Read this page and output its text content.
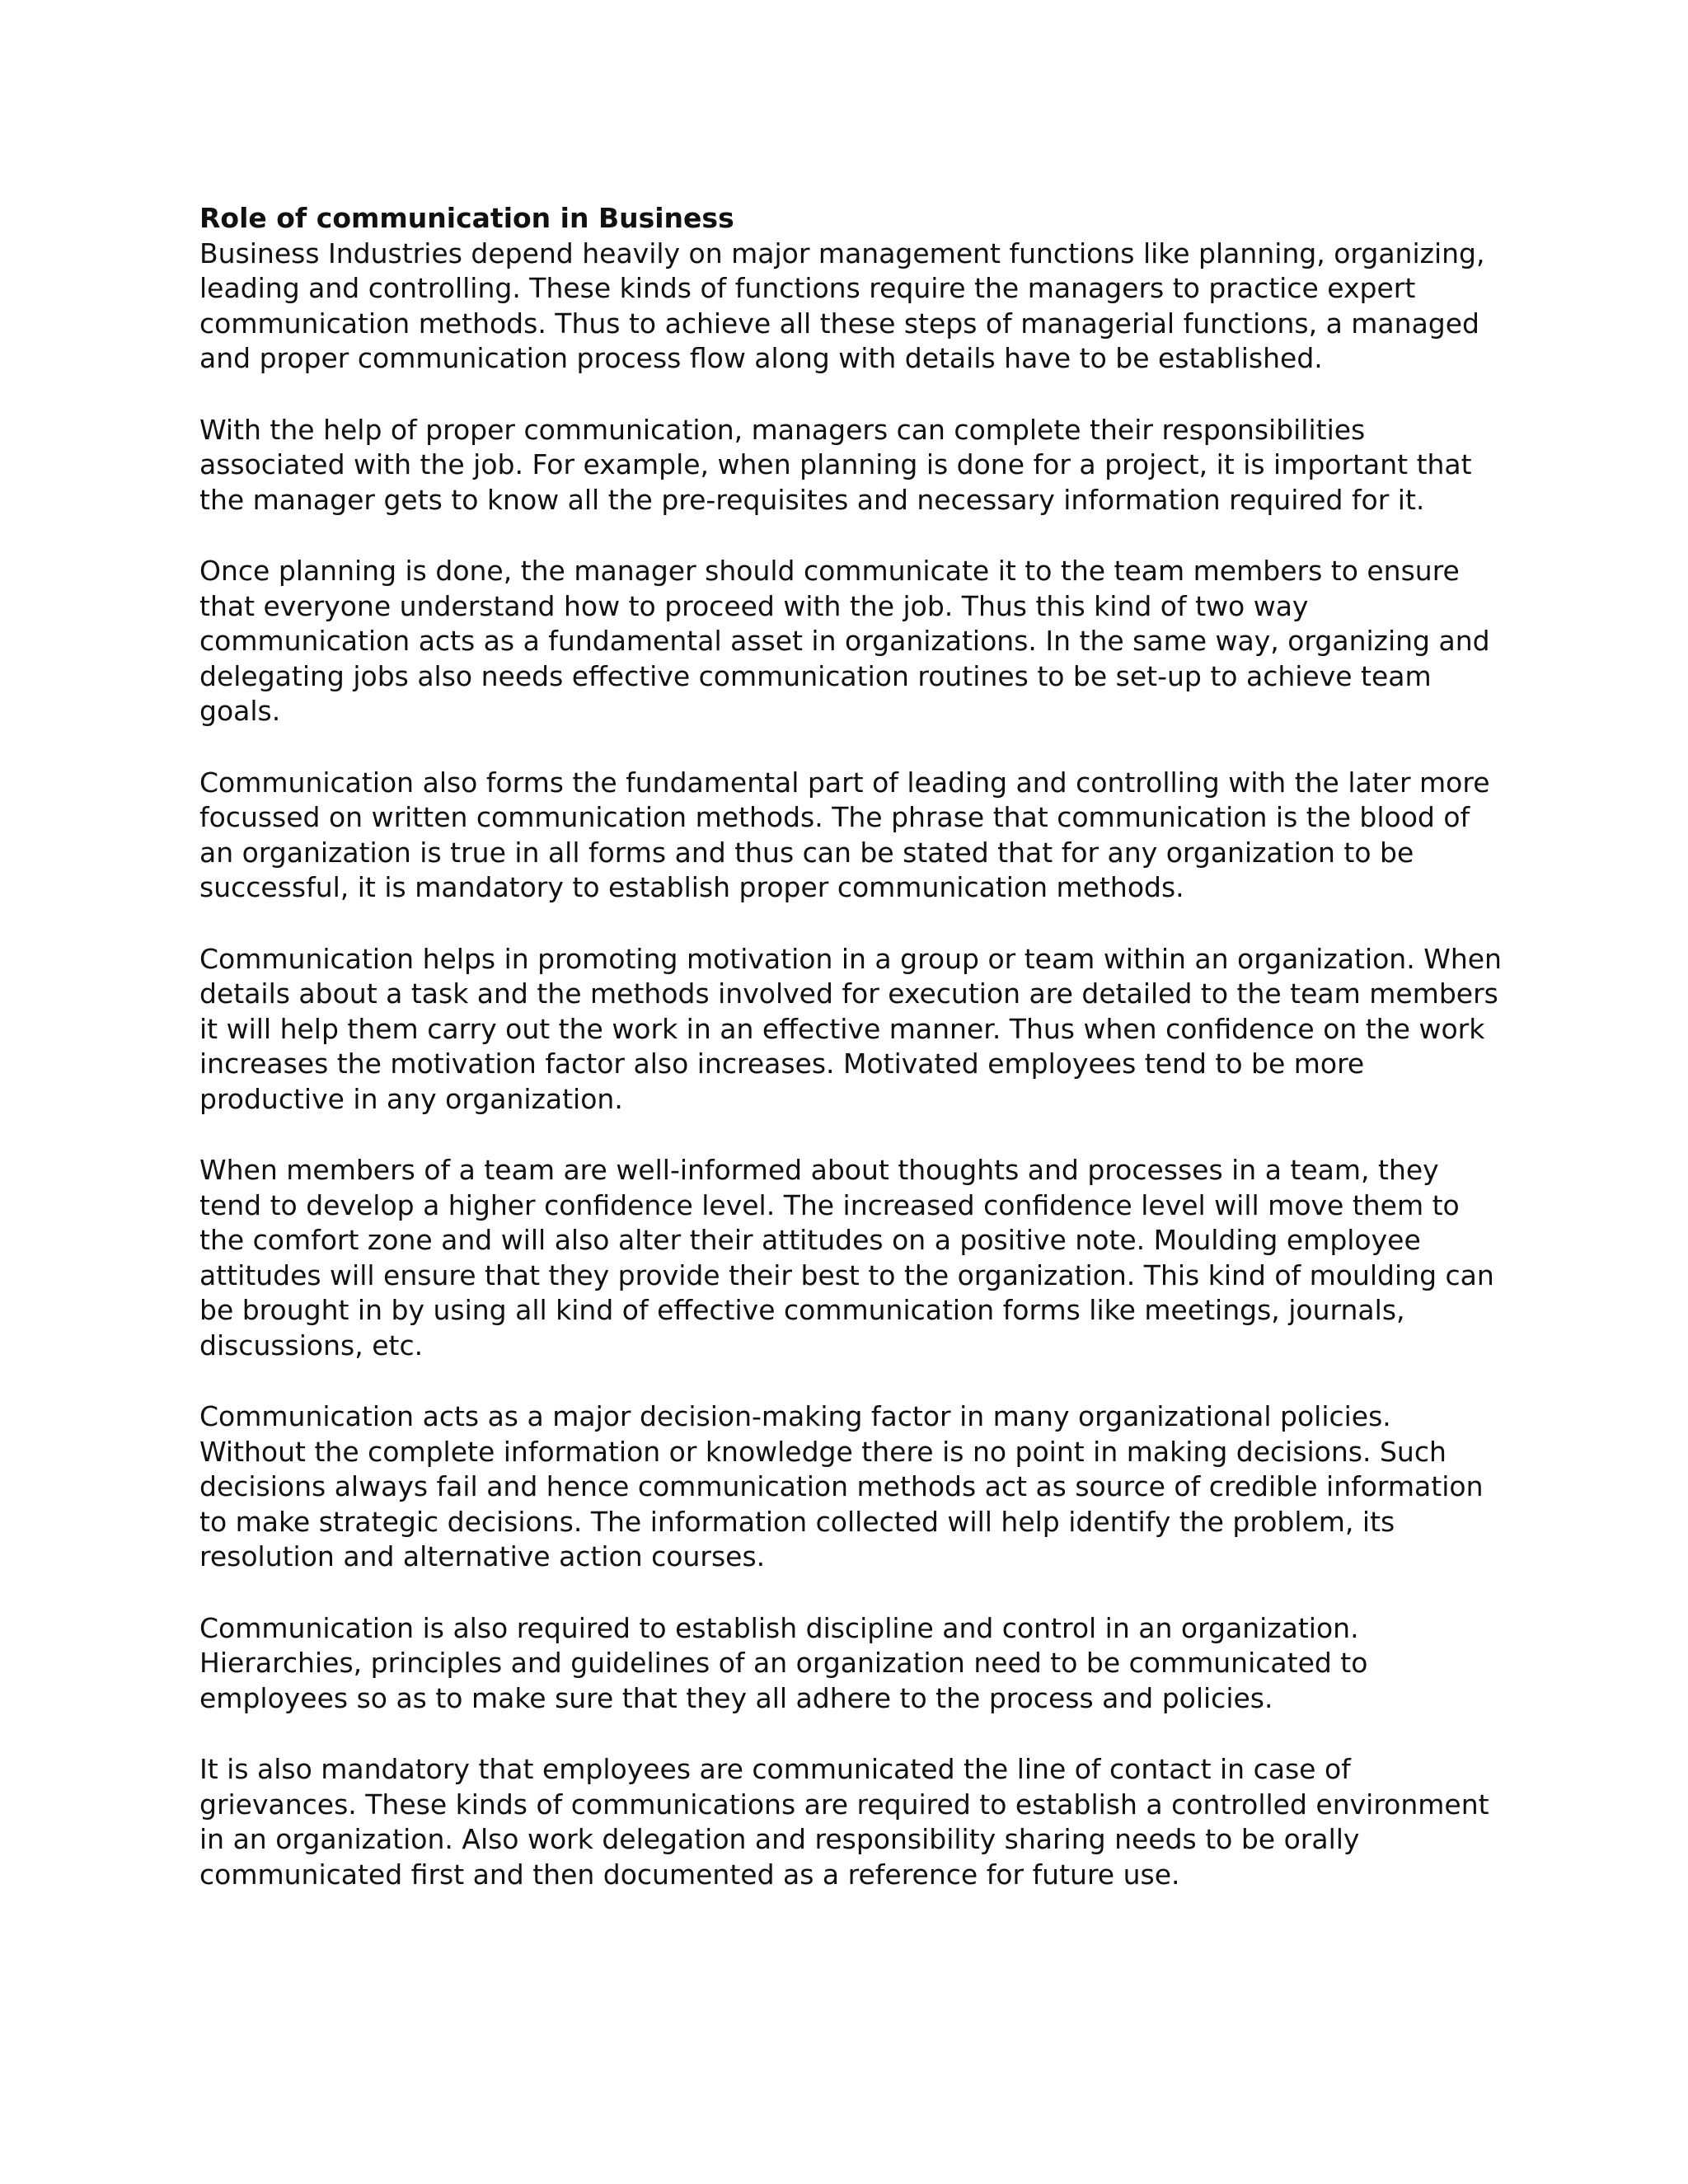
Role of communication in Business

Business Industries depend heavily on major management functions like planning, organizing, leading and controlling. These kinds of functions require the managers to practice expert communication methods. Thus to achieve all these steps of managerial functions, a managed and proper communication process flow along with details have to be established.

With the help of proper communication, managers can complete their responsibilities associated with the job. For example, when planning is done for a project, it is important that the manager gets to know all the pre-requisites and necessary information required for it.

Once planning is done, the manager should communicate it to the team members to ensure that everyone understand how to proceed with the job. Thus this kind of two way communication acts as a fundamental asset in organizations. In the same way, organizing and delegating jobs also needs effective communication routines to be set-up to achieve team goals.

Communication also forms the fundamental part of leading and controlling with the later more focussed on written communication methods. The phrase that communication is the blood of an organization is true in all forms and thus can be stated that for any organization to be successful, it is mandatory to establish proper communication methods.

Communication helps in promoting motivation in a group or team within an organization. When details about a task and the methods involved for execution are detailed to the team members it will help them carry out the work in an effective manner. Thus when confidence on the work increases the motivation factor also increases. Motivated employees tend to be more productive in any organization.

When members of a team are well-informed about thoughts and processes in a team, they tend to develop a higher confidence level. The increased confidence level will move them to the comfort zone and will also alter their attitudes on a positive note. Moulding employee attitudes will ensure that they provide their best to the organization. This kind of moulding can be brought in by using all kind of effective communication forms like meetings, journals, discussions, etc.

Communication acts as a major decision-making factor in many organizational policies. Without the complete information or knowledge there is no point in making decisions. Such decisions always fail and hence communication methods act as source of credible information to make strategic decisions. The information collected will help identify the problem, its resolution and alternative action courses.

Communication is also required to establish discipline and control in an organization. Hierarchies, principles and guidelines of an organization need to be communicated to employees so as to make sure that they all adhere to the process and policies.

It is also mandatory that employees are communicated the line of contact in case of grievances. These kinds of communications are required to establish a controlled environment in an organization. Also work delegation and responsibility sharing needs to be orally communicated first and then documented as a reference for future use.
